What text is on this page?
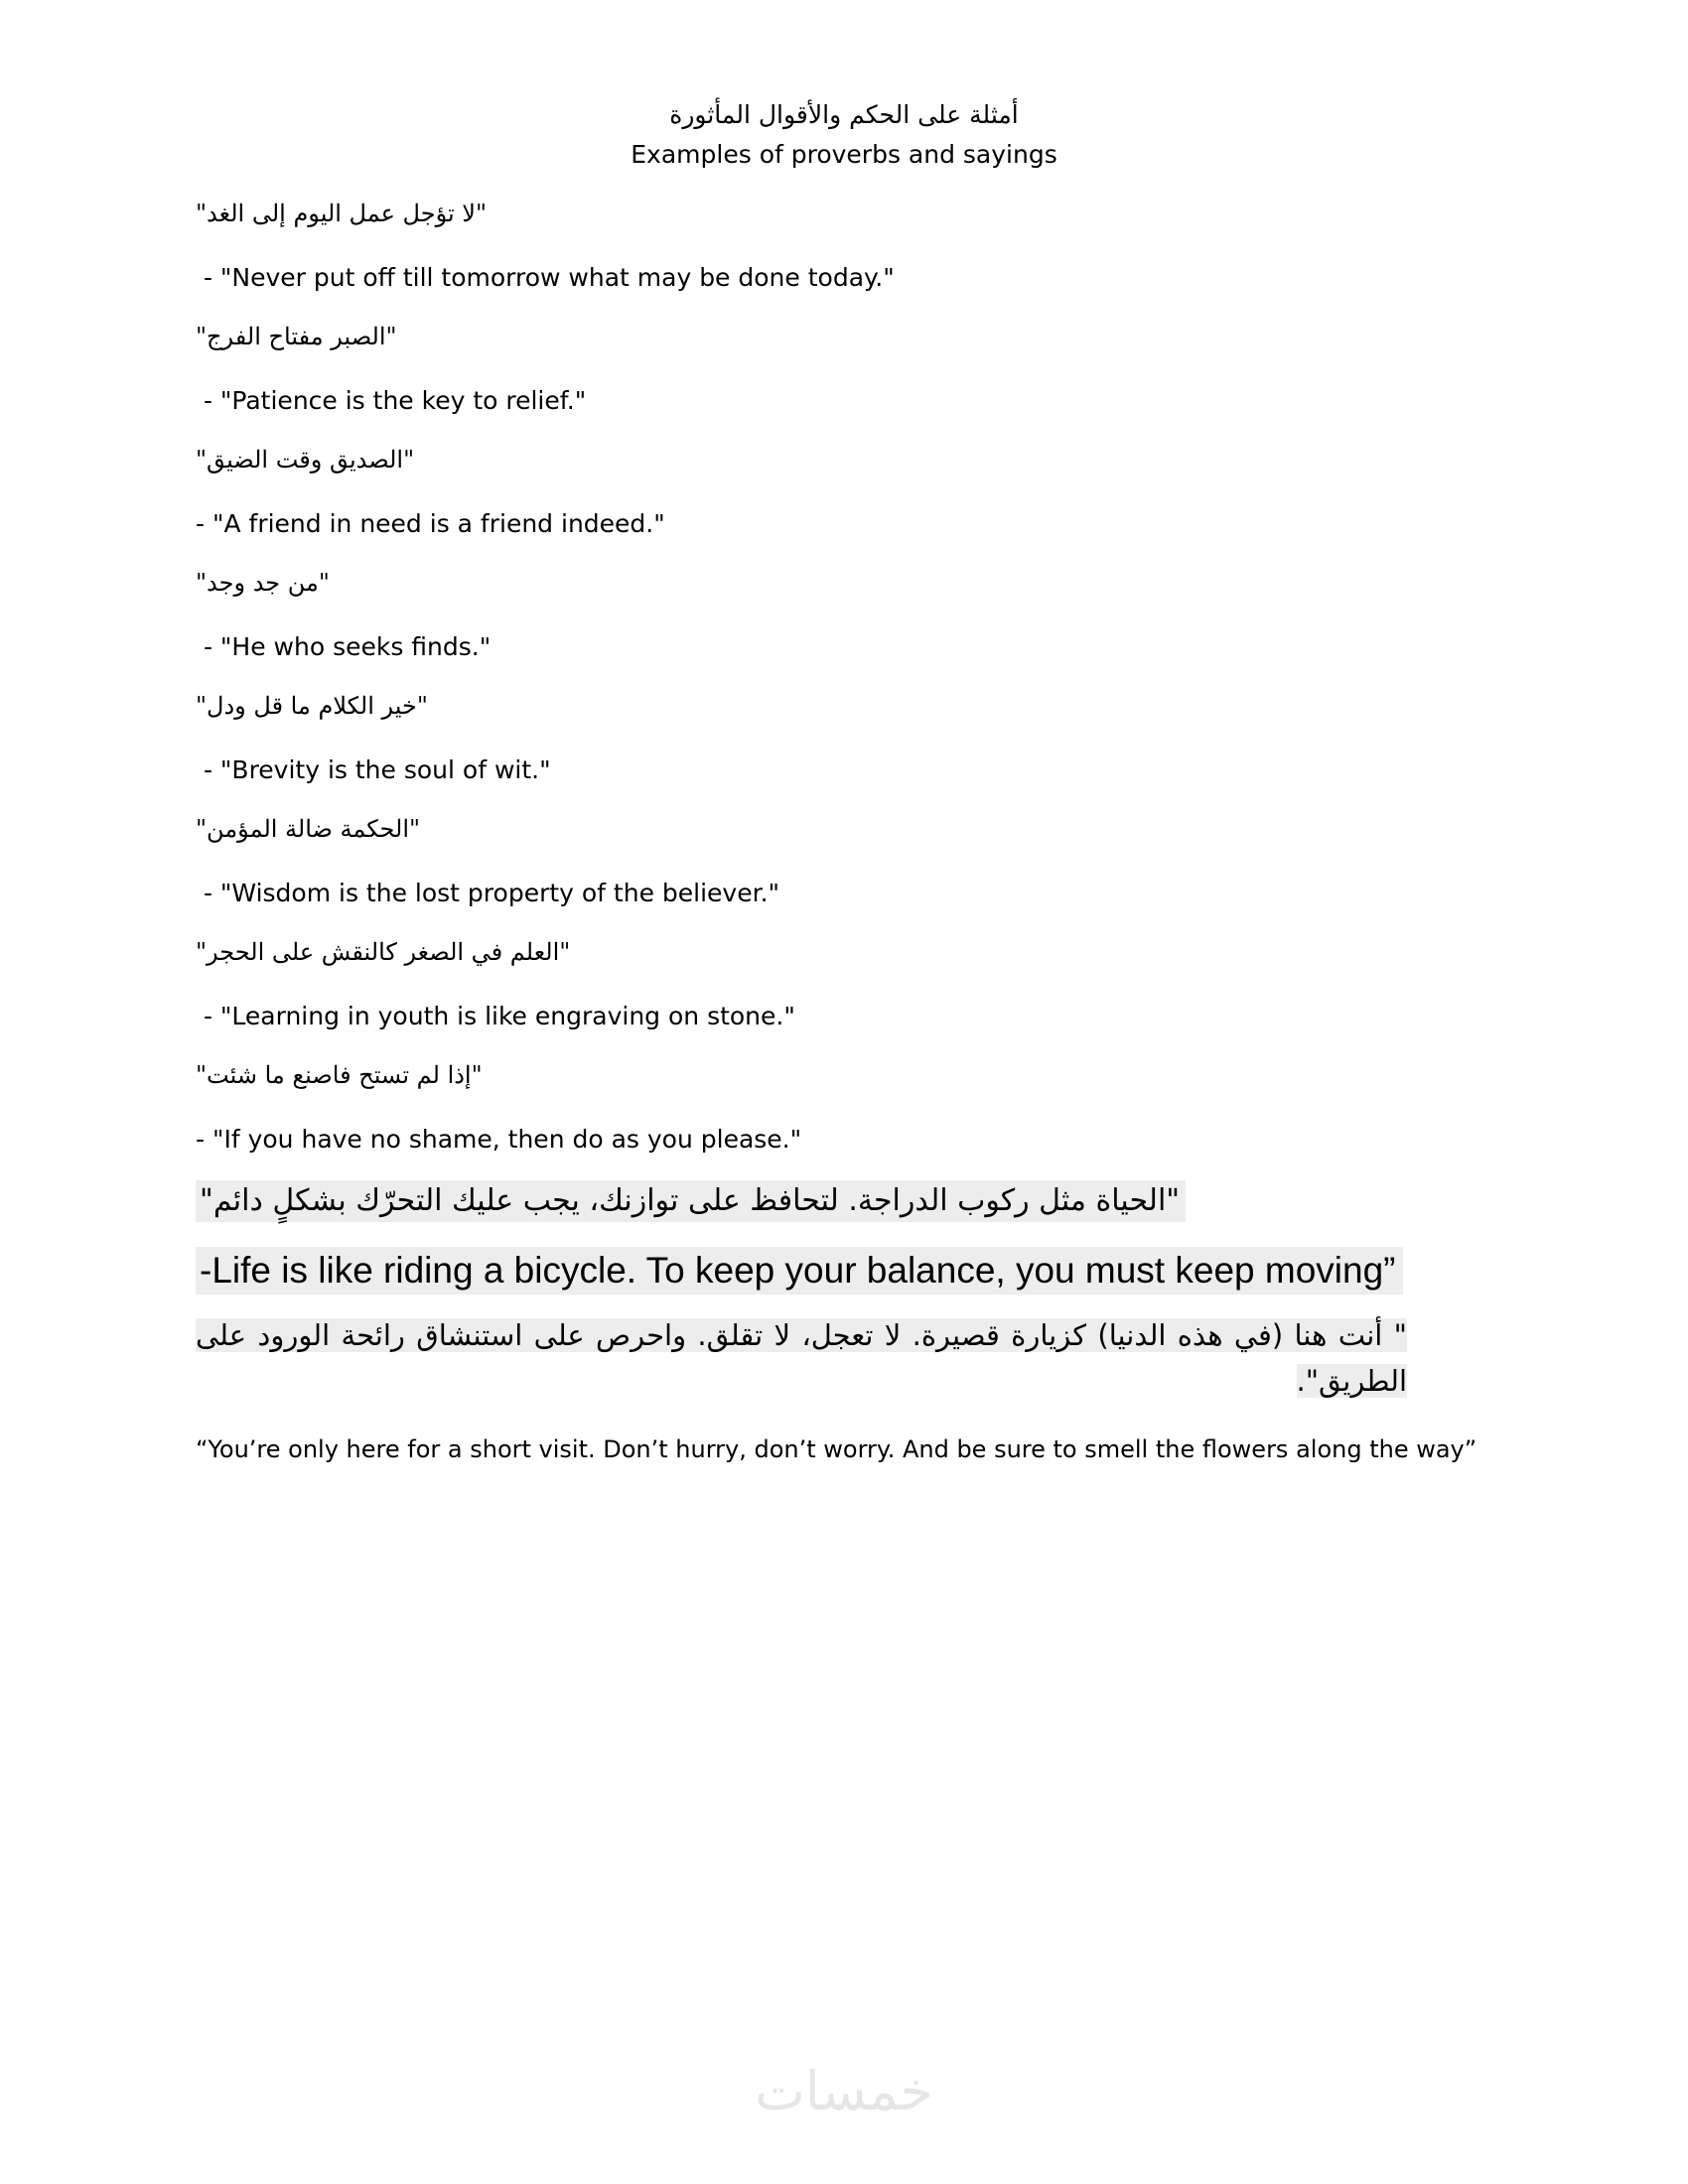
أمثلة على الحكم والأقوال المأثورة
Examples of proverbs and sayings
"لا تؤجل عمل اليوم إلى الغد"
- "Never put off till tomorrow what may be done today."
"الصبر مفتاح الفرج"
- "Patience is the key to relief."
"الصديق وقت الضيق"
- "A friend in need is a friend indeed."
"من جد وجد"
- "He who seeks finds."
"خير الكلام ما قل ودل"
- "Brevity is the soul of wit."
"الحكمة ضالة المؤمن"
- "Wisdom is the lost property of the believer."
"العلم في الصغر كالنقش على الحجر"
- "Learning in youth is like engraving on stone."
"إذا لم تستح فاصنع ما شئت"
- "If you have no shame, then do as you please."
"الحياة مثل ركوب الدراجة. لتحافظ على توازنك، يجب عليك التحرّك بشكلٍ دائم"
-Life is like riding a bicycle. To keep your balance, you must keep moving”
" أنت هنا (في هذه الدنيا) كزيارة قصيرة. لا تعجل، لا تقلق. واحرص على استنشاق رائحة الورود على الطريق".
“You’re only here for a short visit. Don’t hurry, don’t worry. And be sure to smell the flowers along the way”
خمسات
